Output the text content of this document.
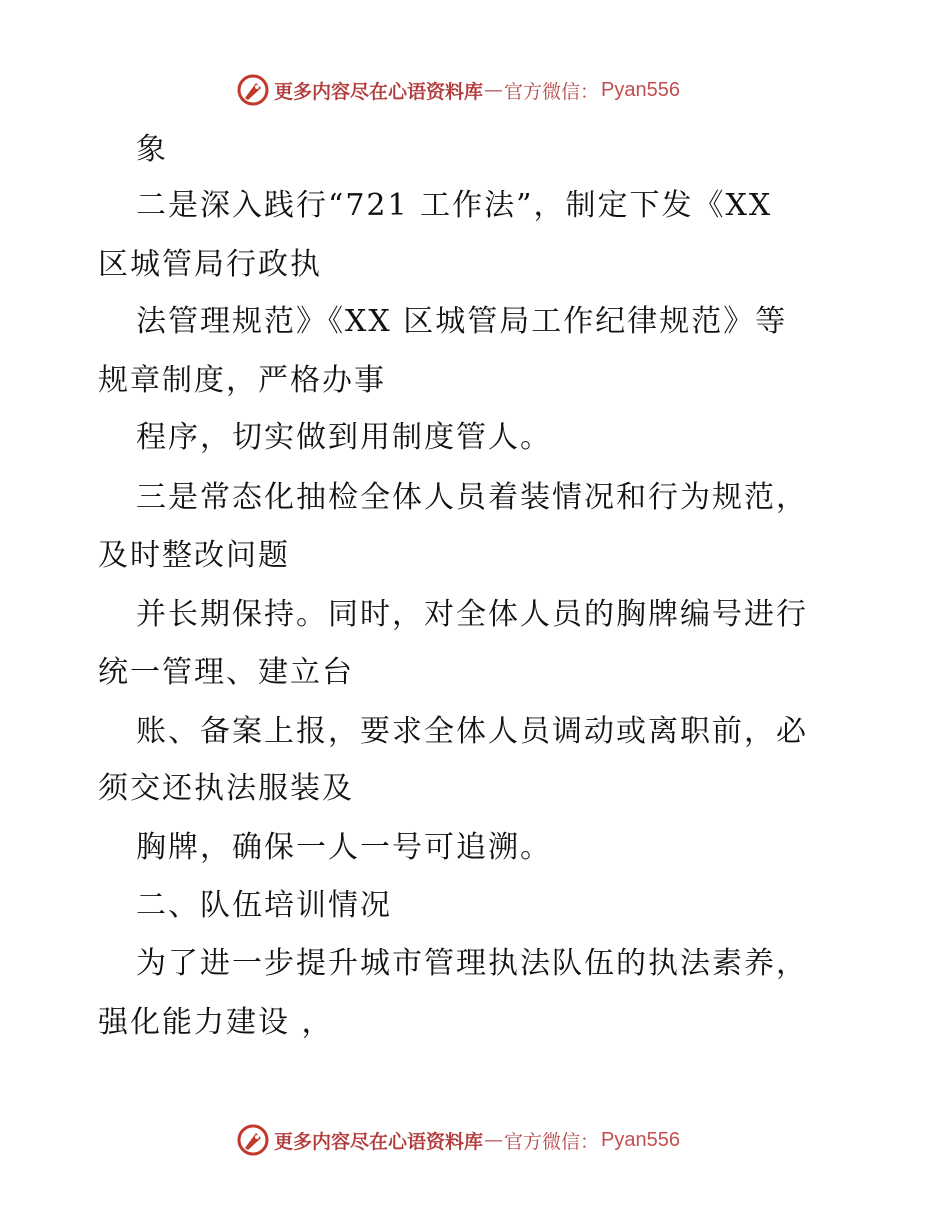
更多内容尽在心语资料库 — 官方微信： Pyan556

象

二是深入践行“721 工作法”，制定下发《XX

区城管局行政执

法管理规范》《XX 区城管局工作纪律规范》等

规章制度，严格办事

程序，切实做到用制度管人。

三是常态化抽检全体人员着装情况和行为规范，

及时整改问题

并长期保持。同时，对全体人员的胸牌编号进行

统一管理、建立台

账、备案上报，要求全体人员调动或离职前，必

须交还执法服装及

胸牌，确保一人一号可追溯。

二、队伍培训情况

为了进一步提升城市管理执法队伍的执法素养，

强化能力建设 ，

更多内容尽在心语资料库 — 官方微信： Pyan556
